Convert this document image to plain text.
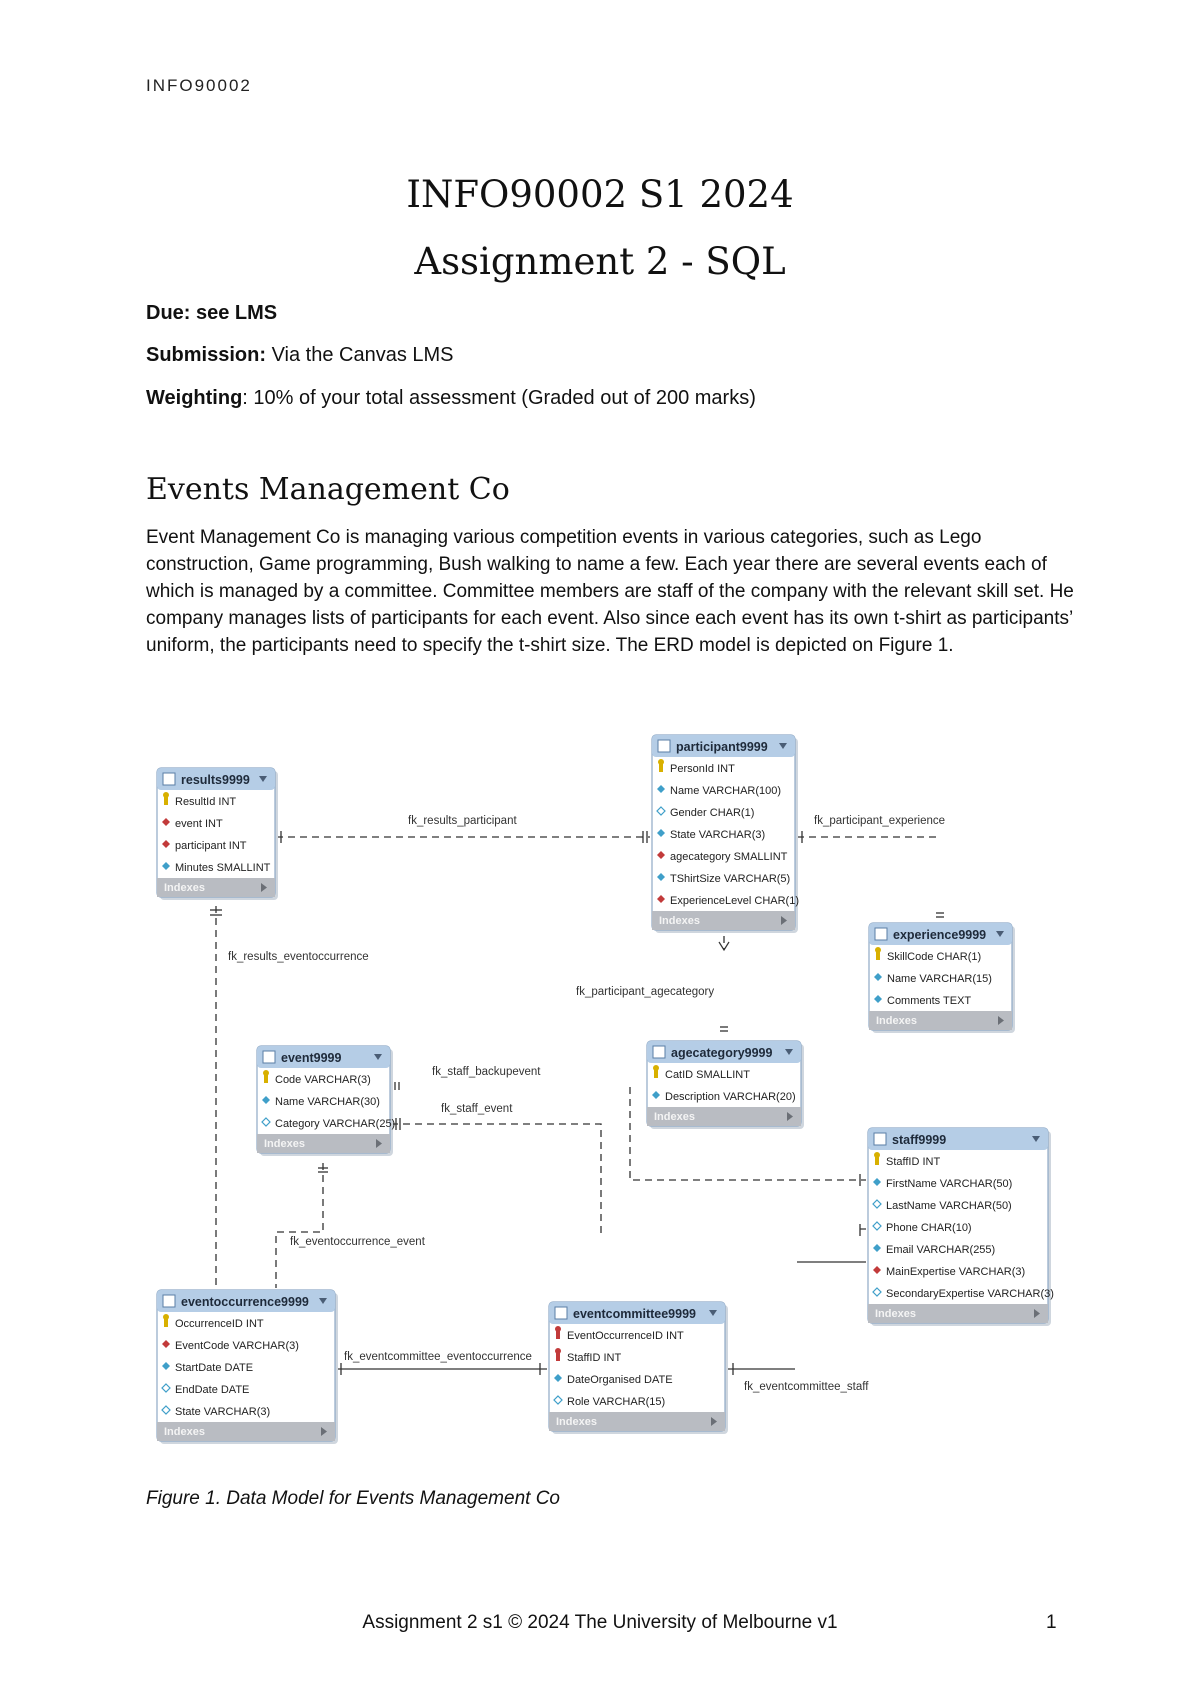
INFO90002
INFO90002 S1 2024
Assignment 2 - SQL
Due: see LMS
Submission: Via the Canvas LMS
Weighting: 10% of your total assessment (Graded out of 200 marks)
Events Management Co
Event Management Co is managing various competition events in various categories, such as Lego construction, Game programming, Bush walking to name a few. Each year there are several events each of which is managed by a committee. Committee members are staff of the company with the relevant skill set. He company manages lists of participants for each event. Also since each event has its own t-shirt as participants’ uniform, the participants need to specify the t-shirt size. The ERD model is depicted on Figure 1.
fk_results_participant	fk_participant_experience
fk_results_eventoccurrence
fk_participant_agecategory
fk_staff_backupevent
fk_staff_event
fk_eventoccurrence_event
fk_eventcommittee_eventoccurrence
fk_eventcommittee_staff
results9999
ResultId INT
event INT
participant INT
Minutes SMALLINT
Indexes
participant9999
PersonId INT
Name VARCHAR(100)
Gender CHAR(1)
State VARCHAR(3)
agecategory SMALLINT
TShirtSize VARCHAR(5)
ExperienceLevel CHAR(1)
Indexes
experience9999
SkillCode CHAR(1)
Name VARCHAR(15)
Comments TEXT
Indexes
event9999
Code VARCHAR(3)
Name VARCHAR(30)
Category VARCHAR(25)
Indexes
agecategory9999
CatID SMALLINT
Description VARCHAR(20)
Indexes
staff9999
StaffID INT
FirstName VARCHAR(50)
LastName VARCHAR(50)
Phone CHAR(10)
Email VARCHAR(255)
MainExpertise VARCHAR(3)
SecondaryExpertise VARCHAR(3)
Indexes
eventoccurrence9999
OccurrenceID INT
EventCode VARCHAR(3)
StartDate DATE
EndDate DATE
State VARCHAR(3)
Indexes
eventcommittee9999
EventOccurrenceID INT
StaffID INT
DateOrganised DATE
Role VARCHAR(15)
Indexes
Figure 1. Data Model for Events Management Co
Assignment 2 s1 © 2024 The University of Melbourne v1	1
